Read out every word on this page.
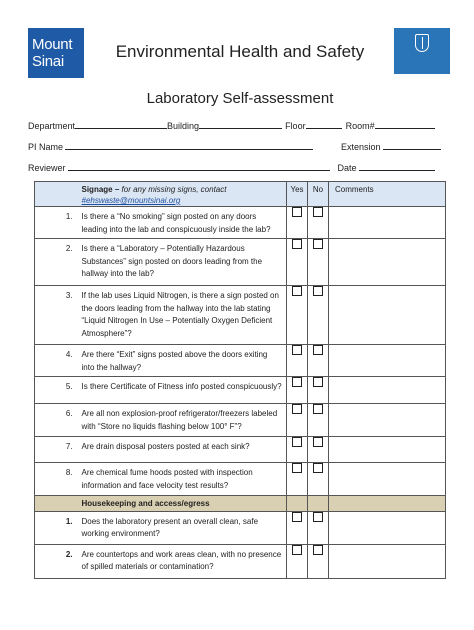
Mount
Sinai
Environmental Health and Safety
Laboratory Self-assessment
Department	Building	Floor	Room#
PI Name	Extension
Reviewer	Date
	Signage – for any missing signs, contact
#ehswaste@mountsinai.org	Yes	No	Comments
1.	Is there a “No smoking” sign posted on any doors leading into the lab and conspicuously inside the lab?			
2.	Is there a “Laboratory – Potentially Hazardous Substances” sign posted on doors leading from the hallway into the lab?			
3.	If the lab uses Liquid Nitrogen, is there a sign posted on the doors leading from the hallway into the lab stating “Liquid Nitrogen In Use – Potentially Oxygen Deficient Atmosphere”?			
4.	Are there “Exit” signs posted above the doors exiting into the hallway?			
5.	Is there Certificate of Fitness info posted conspicuously?			
6.	Are all non explosion-proof refrigerator/freezers labeled with “Store no liquids flashing below 100° F”?			
7.	Are drain disposal posters posted at each sink?			
8.	Are chemical fume hoods posted with inspection information and face velocity test results?			
	Housekeeping and access/egress			
1.	Does the laboratory present an overall clean, safe working environment?			
2.	Are countertops and work areas clean, with no presence of spilled materials or contamination?			
